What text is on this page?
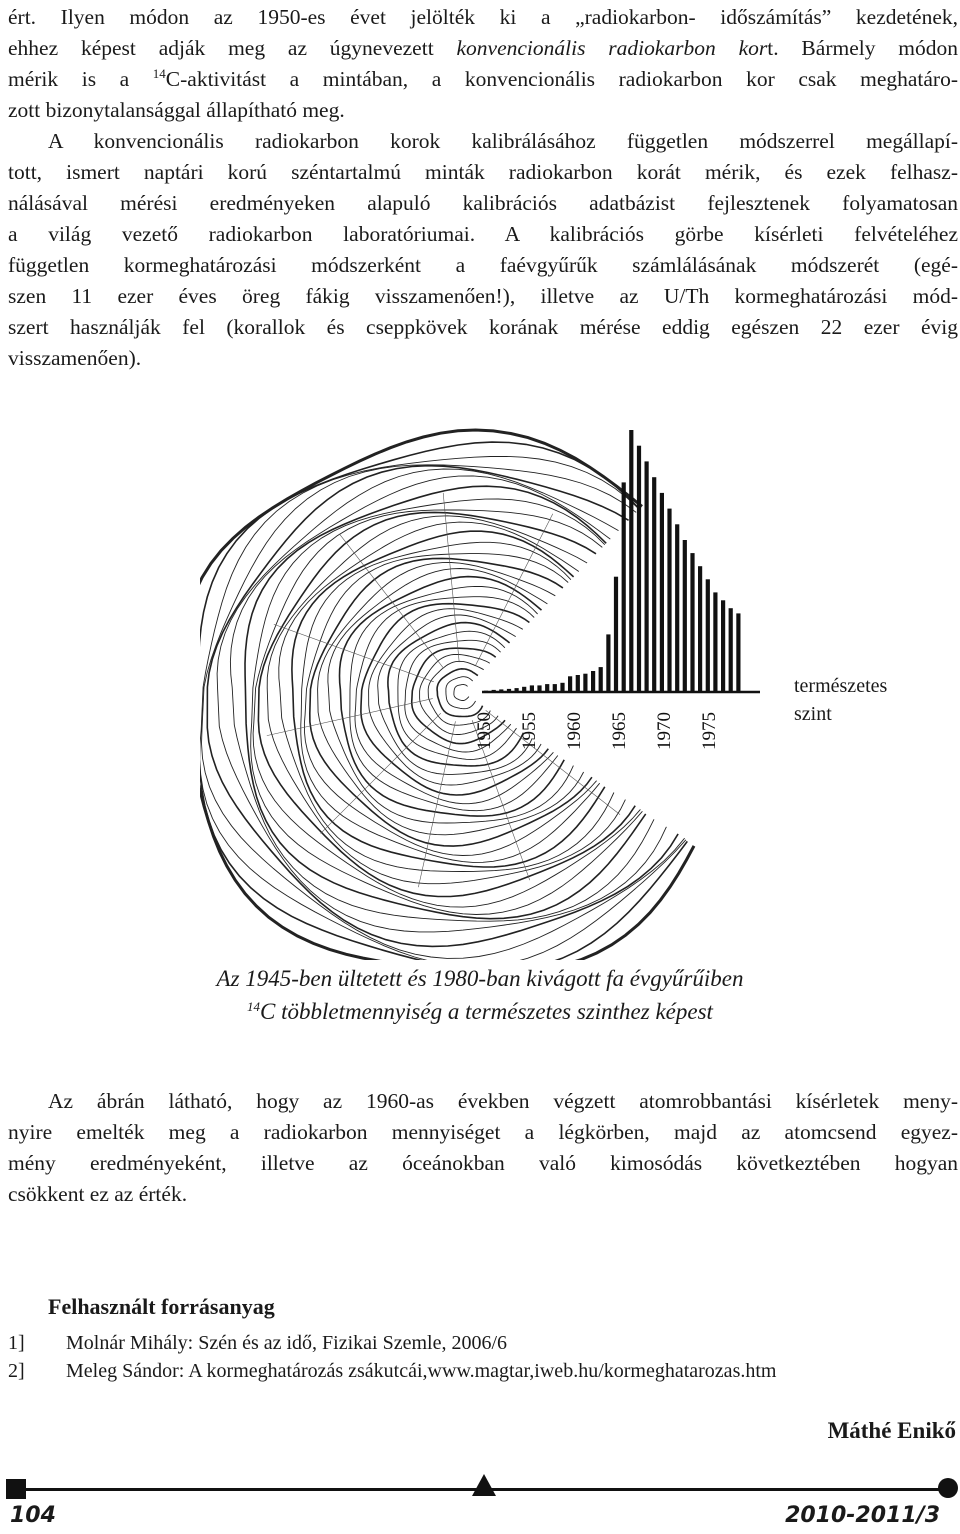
ért. Ilyen módon az 1950-es évet jelölték ki a „radiokarbon- időszámítás” kezdetének,
ehhez képest adják meg az úgynevezett konvencionális radiokarbon kort. Bármely módon
mérik is a $^{14}$C-aktivitást a mintában, a konvencionális radiokarbon kor csak meghatáro-
zott bizonytalansággal állapítható meg.
A konvencionális radiokarbon korok kalibrálásához független módszerrel megállapí-
tott, ismert naptári korú széntartalmú minták radiokarbon korát mérik, és ezek felhasz-
nálásával mérési eredményeken alapuló kalibrációs adatbázist fejlesztenek folyamatosan
a világ vezető radiokarbon laboratóriumai. A kalibrációs görbe kísérleti felvételéhez
független kormeghatározási módszerként a faévgyűrűk számlálásának módszerét (egé-
szen 11 ezer éves öreg fákig visszamenően!), illetve az U/Th kormeghatározási mód-
szert használják fel (korallok és cseppkövek korának mérése eddig egészen 22 ezer évig
visszamenően).
1950 1955 1960 1965 1970 1975
természetes
szint
Az 1945-ben ültetett és 1980-ban kivágott fa évgyűrűiben
$^{14}$C többletmennyiség a természetes szinthez képest
Az ábrán látható, hogy az 1960-as években végzett atomrobbantási kísérletek meny-
nyire emelték meg a radiokarbon mennyiséget a légkörben, majd az atomcsend egyez-
mény eredményeként, illetve az óceánokban való kimosódás következtében hogyan
csökkent ez az érték.
Felhasznált forrásanyag
1] Molnár Mihály: Szén és az idő, Fizikai Szemle, 2006/6
2] Meleg Sándor: A kormeghatározás zsákutcái,www.magtar,iweb.hu/kormeghatarozas.htm
Máthé Enikő
104	2010-2011/3
